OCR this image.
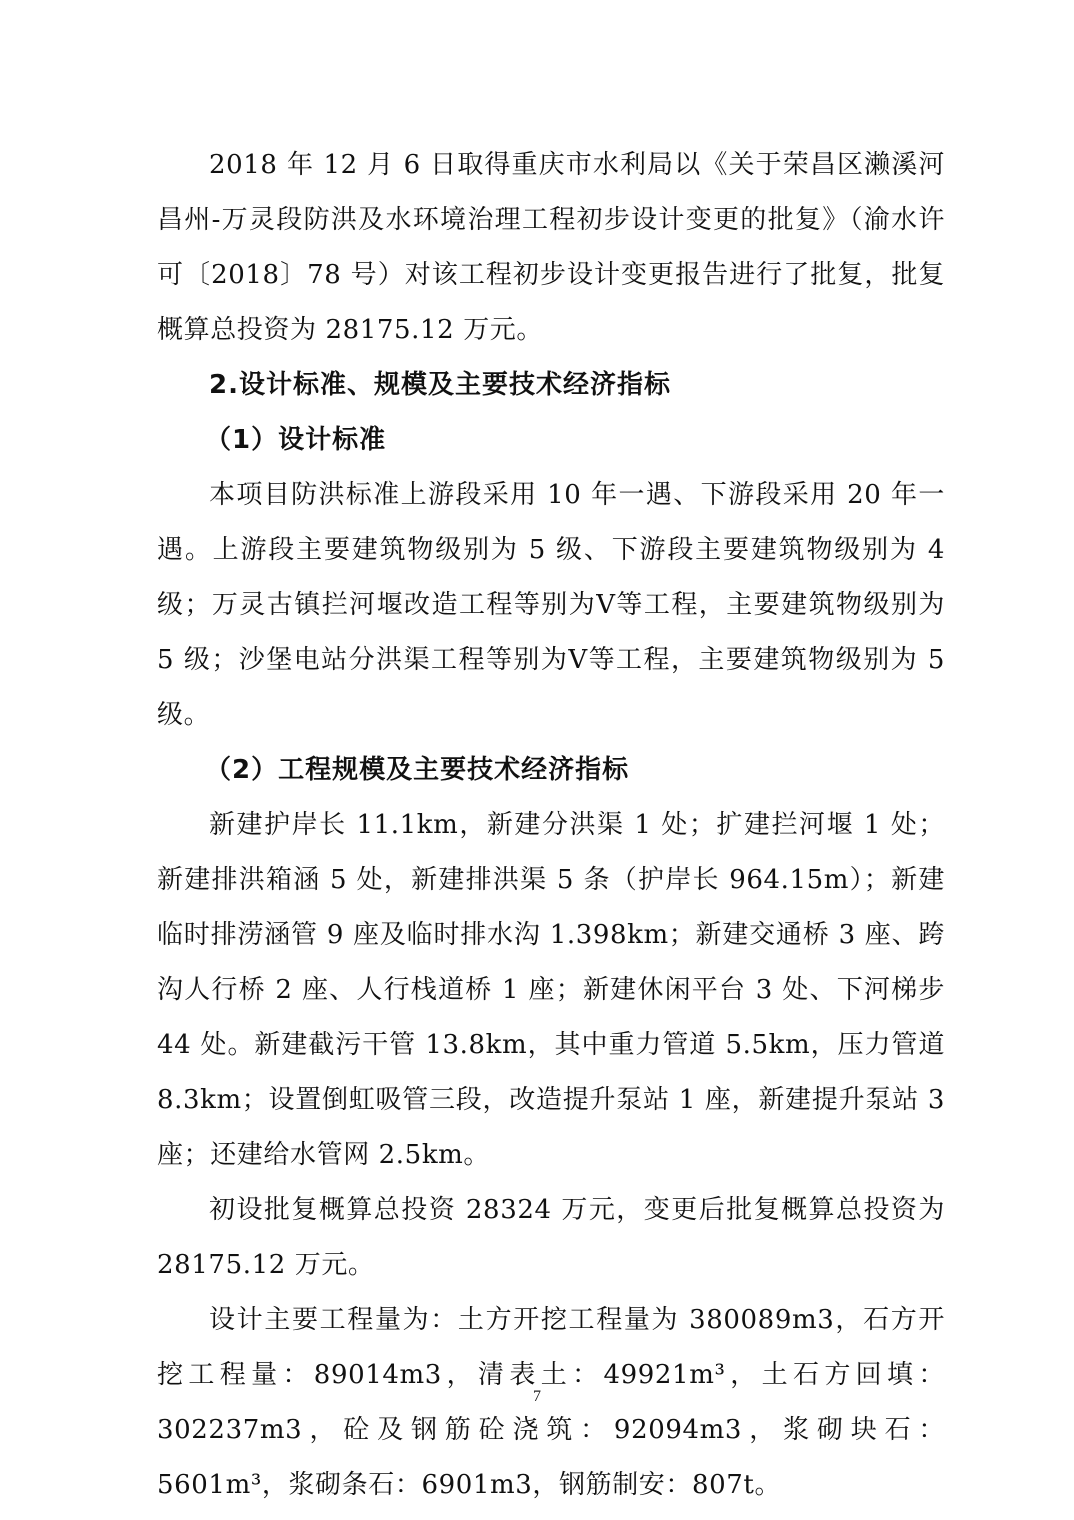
2018 年 12 月 6 日取得重庆市水利局以《关于荣昌区濑溪河昌州-万灵段防洪及水环境治理工程初步设计变更的批复》（渝水许可〔2018〕78 号）对该工程初步设计变更报告进行了批复，批复概算总投资为 28175.12 万元。

2.设计标准、规模及主要技术经济指标

（1）设计标准

本项目防洪标准上游段采用 10 年一遇、下游段采用 20 年一遇。上游段主要建筑物级别为 5 级、下游段主要建筑物级别为 4 级；万灵古镇拦河堰改造工程等别为Ⅴ等工程，主要建筑物级别为 5 级；沙堡电站分洪渠工程等别为Ⅴ等工程，主要建筑物级别为 5 级。

（2）工程规模及主要技术经济指标

新建护岸长 11.1km，新建分洪渠 1 处；扩建拦河堰 1 处；新建排洪箱涵 5 处，新建排洪渠 5 条（护岸长 964.15m）；新建临时排涝涵管 9 座及临时排水沟 1.398km；新建交通桥 3 座、跨沟人行桥 2 座、人行栈道桥 1 座；新建休闲平台 3 处、下河梯步 44 处。新建截污干管 13.8km，其中重力管道 5.5km，压力管道 8.3km；设置倒虹吸管三段，改造提升泵站 1 座，新建提升泵站 3 座；还建给水管网 2.5km。

初设批复概算总投资 28324 万元，变更后批复概算总投资为 28175.12 万元。

设计主要工程量为：土方开挖工程量为 380089m3，石方开挖工程量：89014m3，清表土：49921m³，土石方回填：302237m3，砼及钢筋砼浇筑：92094m3，浆砌块石：5601m³，浆砌条石：6901m3，钢筋制安：807t。

7
